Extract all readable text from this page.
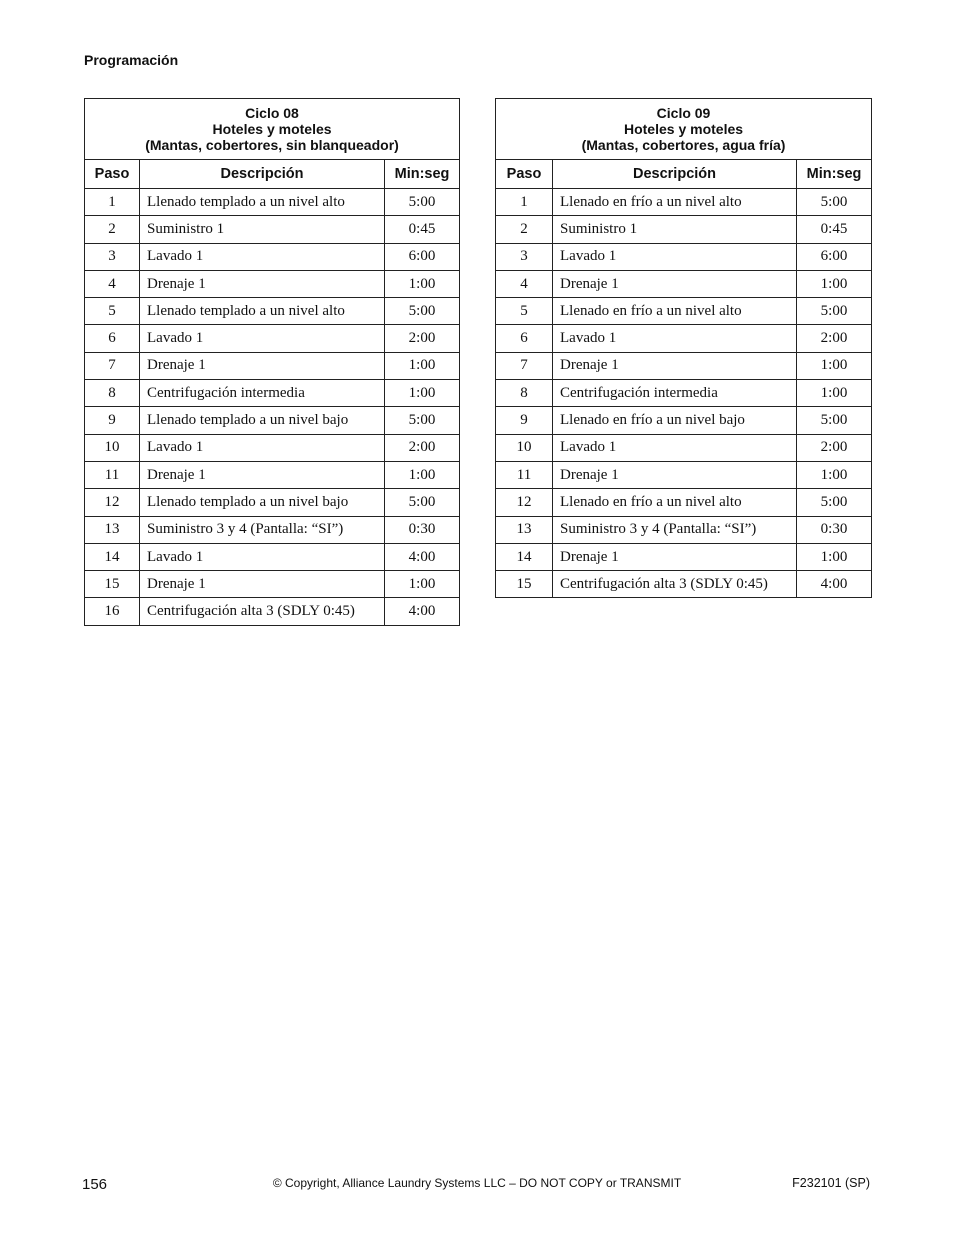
Programación
Ciclo 08
Hoteles y moteles
(Mantas, cobertores, sin blanqueador)		

Paso	Descripción	Min:seg
1	Llenado templado a un nivel alto	5:00
2	Suministro 1	0:45
3	Lavado 1	6:00
4	Drenaje 1	1:00
5	Llenado templado a un nivel alto	5:00
6	Lavado 1	2:00
7	Drenaje 1	1:00
8	Centrifugación intermedia	1:00
9	Llenado templado a un nivel bajo	5:00
10	Lavado 1	2:00
11	Drenaje 1	1:00
12	Llenado templado a un nivel bajo	5:00
13	Suministro 3 y 4 (Pantalla: “SI”)	0:30
14	Lavado 1	4:00
15	Drenaje 1	1:00
16	Centrifugación alta 3 (SDLY 0:45)	4:00
Ciclo 09
Hoteles y moteles
(Mantas, cobertores, agua fría)		

Paso	Descripción	Min:seg
1	Llenado en frío a un nivel alto	5:00
2	Suministro 1	0:45
3	Lavado 1	6:00
4	Drenaje 1	1:00
5	Llenado en frío a un nivel alto	5:00
6	Lavado 1	2:00
7	Drenaje 1	1:00
8	Centrifugación intermedia	1:00
9	Llenado en frío a un nivel bajo	5:00
10	Lavado 1	2:00
11	Drenaje 1	1:00
12	Llenado en frío a un nivel alto	5:00
13	Suministro 3 y 4 (Pantalla: “SI”)	0:30
14	Drenaje 1	1:00
15	Centrifugación alta 3 (SDLY 0:45)	4:00
156	© Copyright, Alliance Laundry Systems LLC – DO NOT COPY or TRANSMIT	F232101 (SP)
